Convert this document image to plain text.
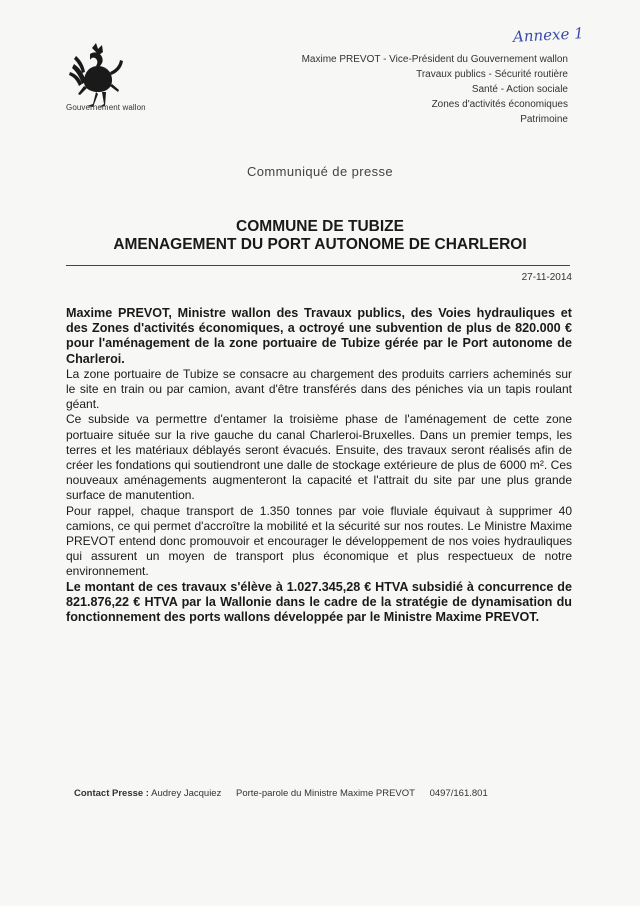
Gouvernement wallon
Annexe 1
Maxime PREVOT - Vice-Président du Gouvernement wallon
Travaux publics - Sécurité routière
Santé - Action sociale
Zones d'activités économiques
Patrimoine
Communiqué de presse
COMMUNE DE TUBIZE
AMENAGEMENT DU PORT AUTONOME DE CHARLEROI
27-11-2014

Maxime PREVOT, Ministre wallon des Travaux publics, des Voies hydrauliques et des Zones d'activités économiques, a octroyé une subvention de plus de 820.000 € pour l'aménagement de la zone portuaire de Tubize gérée par le Port autonome de Charleroi.

La zone portuaire de Tubize se consacre au chargement des produits carriers acheminés sur le site en train ou par camion, avant d'être transférés dans des péniches via un tapis roulant géant.

Ce subside va permettre d'entamer la troisième phase de l'aménagement de cette zone portuaire située sur la rive gauche du canal Charleroi-Bruxelles. Dans un premier temps, les terres et les matériaux déblayés seront évacués. Ensuite, des travaux seront réalisés afin de créer les fondations qui soutiendront une dalle de stockage extérieure de plus de 6000 m². Ces nouveaux aménagements augmenteront la capacité et l'attrait du site par une plus grande surface de manutention.

Pour rappel, chaque transport de 1.350 tonnes par voie fluviale équivaut à supprimer 40 camions, ce qui permet d'accroître la mobilité et la sécurité sur nos routes. Le Ministre Maxime PREVOT entend donc promouvoir et encourager le développement de nos voies hydrauliques qui assurent un moyen de transport plus économique et plus respectueux de notre environnement.

Le montant de ces travaux s'élève à 1.027.345,28 € HTVA subsidié à concurrence de 821.876,22 € HTVA par la Wallonie dans le cadre de la stratégie de dynamisation du fonctionnement des ports wallons développée par le Ministre Maxime PREVOT.

Contact Presse : Audrey Jacquiez Porte-parole du Ministre Maxime PREVOT 0497/161.801
